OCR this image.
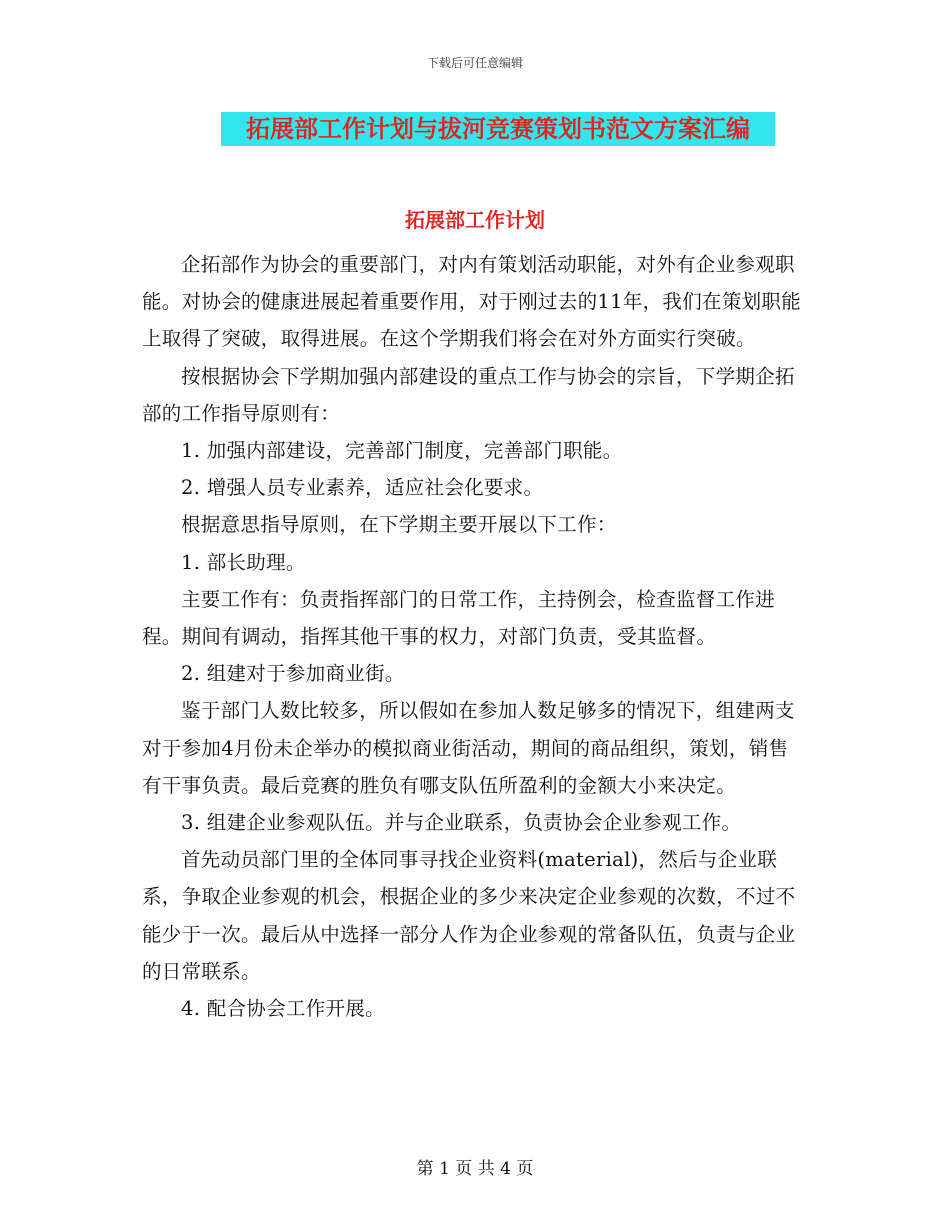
下载后可任意编辑
拓展部工作计划与拔河竞赛策划书范文方案汇编
拓展部工作计划

企拓部作为协会的重要部门，对内有策划活动职能，对外有企业参观职能。对协会的健康进展起着重要作用，对于刚过去的11年，我们在策划职能上取得了突破，取得进展。在这个学期我们将会在对外方面实行突破。

按根据协会下学期加强内部建设的重点工作与协会的宗旨，下学期企拓部的工作指导原则有：

1. 加强内部建设，完善部门制度，完善部门职能。

2. 增强人员专业素养，适应社会化要求。

根据意思指导原则，在下学期主要开展以下工作：

1. 部长助理。

主要工作有：负责指挥部门的日常工作，主持例会，检查监督工作进程。期间有调动，指挥其他干事的权力，对部门负责，受其监督。

2. 组建对于参加商业街。

鉴于部门人数比较多，所以假如在参加人数足够多的情况下，组建两支对于参加4月份未企举办的模拟商业街活动，期间的商品组织，策划，销售有干事负责。最后竞赛的胜负有哪支队伍所盈利的金额大小来决定。

3. 组建企业参观队伍。并与企业联系，负责协会企业参观工作。

首先动员部门里的全体同事寻找企业资料(material)，然后与企业联系，争取企业参观的机会，根据企业的多少来决定企业参观的次数，不过不能少于一次。最后从中选择一部分人作为企业参观的常备队伍，负责与企业的日常联系。

4. 配合协会工作开展。

第 1 页 共 4 页
